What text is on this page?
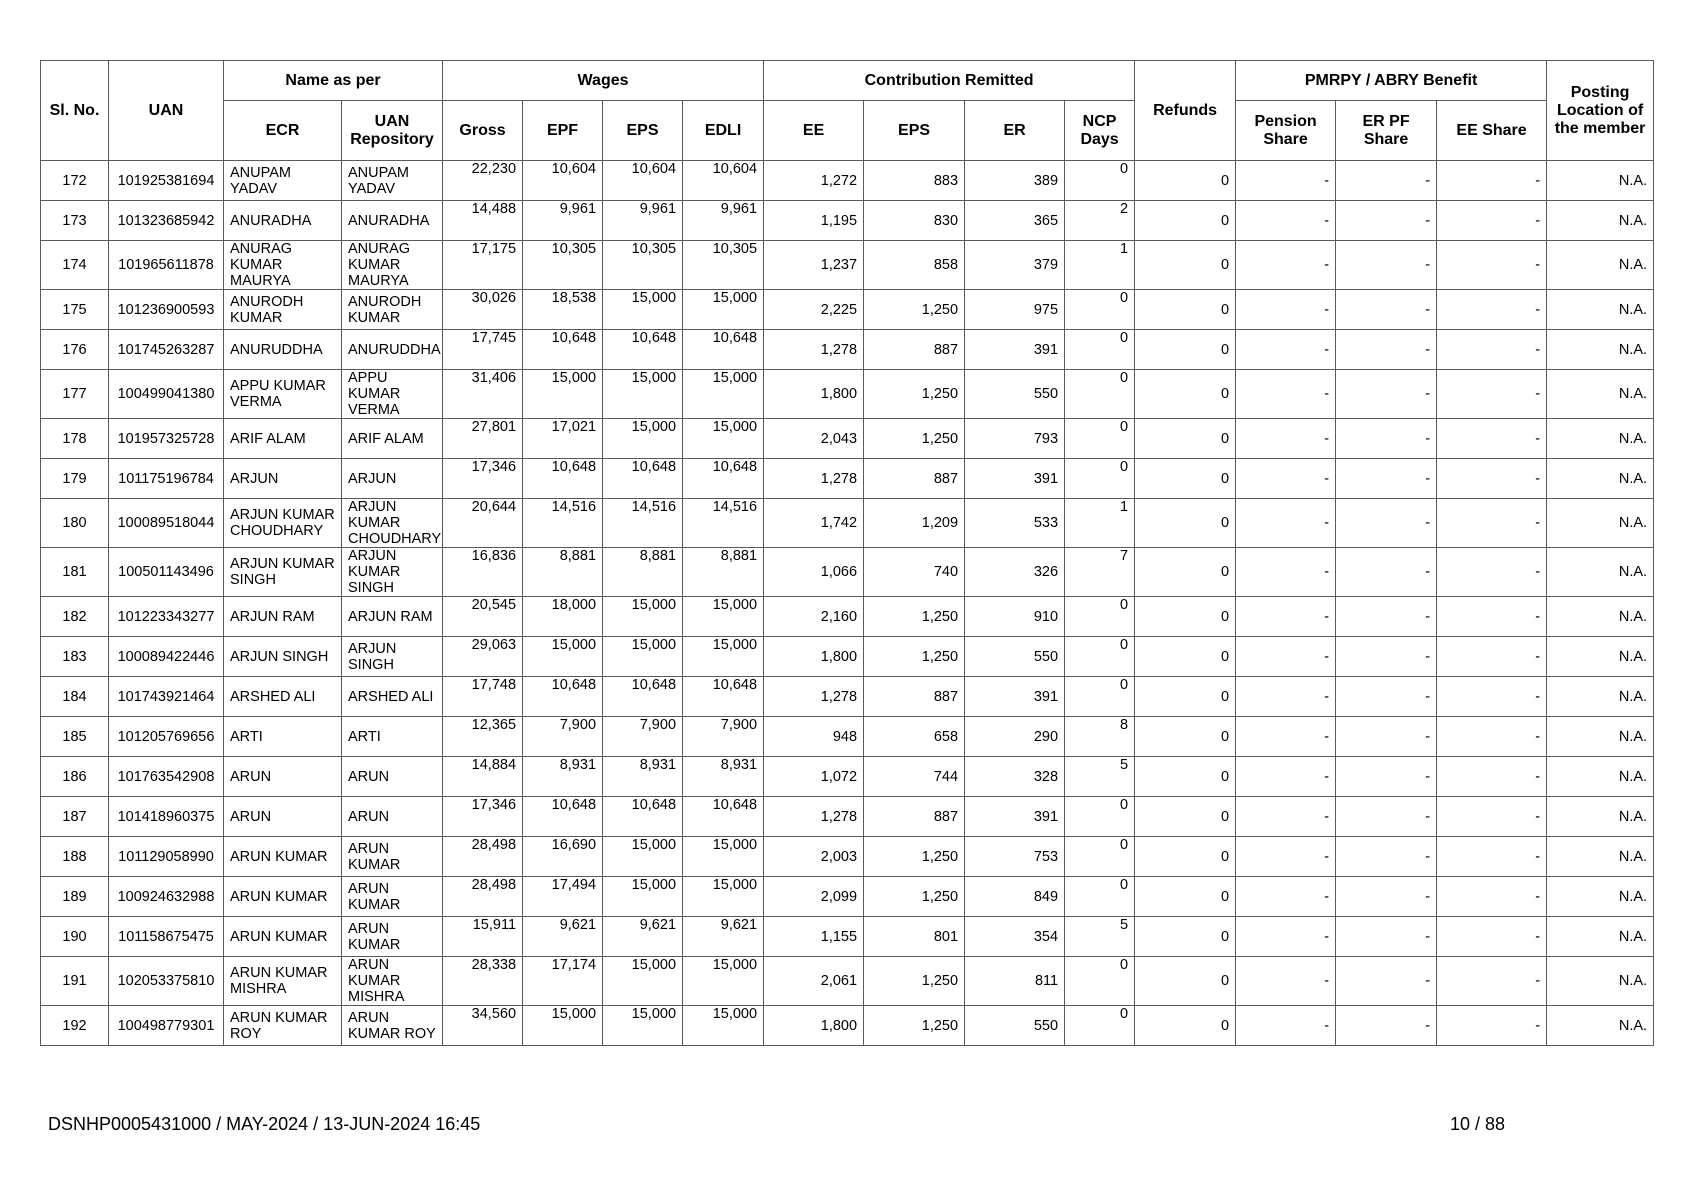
Sl. No.	UAN	Name as per		Wages				Contribution Remitted				Refunds	PMRPY / ABRY Benefit			Posting Location of the member
		ECR	UAN Repository	Gross	EPF	EPS	EDLI	EE	EPS	ER	NCP Days		Pension Share	ER PF Share	EE Share	
172	101925381694	ANUPAM YADAV	ANUPAM YADAV	22,230	10,604	10,604	10,604	1,272	883	389	0	0	-	-	-	N.A.
173	101323685942	ANURADHA	ANURADHA	14,488	9,961	9,961	9,961	1,195	830	365	2	0	-	-	-	N.A.
174	101965611878	ANURAG KUMAR MAURYA	ANURAG KUMAR MAURYA	17,175	10,305	10,305	10,305	1,237	858	379	1	0	-	-	-	N.A.
175	101236900593	ANURODH KUMAR	ANURODH KUMAR	30,026	18,538	15,000	15,000	2,225	1,250	975	0	0	-	-	-	N.A.
176	101745263287	ANURUDDHA	ANURUDDHA	17,745	10,648	10,648	10,648	1,278	887	391	0	0	-	-	-	N.A.
177	100499041380	APPU KUMAR VERMA	APPU KUMAR VERMA	31,406	15,000	15,000	15,000	1,800	1,250	550	0	0	-	-	-	N.A.
178	101957325728	ARIF ALAM	ARIF ALAM	27,801	17,021	15,000	15,000	2,043	1,250	793	0	0	-	-	-	N.A.
179	101175196784	ARJUN	ARJUN	17,346	10,648	10,648	10,648	1,278	887	391	0	0	-	-	-	N.A.
180	100089518044	ARJUN KUMAR CHOUDHARY	ARJUN KUMAR CHOUDHARY	20,644	14,516	14,516	14,516	1,742	1,209	533	1	0	-	-	-	N.A.
181	100501143496	ARJUN KUMAR SINGH	ARJUN KUMAR SINGH	16,836	8,881	8,881	8,881	1,066	740	326	7	0	-	-	-	N.A.
182	101223343277	ARJUN RAM	ARJUN RAM	20,545	18,000	15,000	15,000	2,160	1,250	910	0	0	-	-	-	N.A.
183	100089422446	ARJUN SINGH	ARJUN SINGH	29,063	15,000	15,000	15,000	1,800	1,250	550	0	0	-	-	-	N.A.
184	101743921464	ARSHED ALI	ARSHED ALI	17,748	10,648	10,648	10,648	1,278	887	391	0	0	-	-	-	N.A.
185	101205769656	ARTI	ARTI	12,365	7,900	7,900	7,900	948	658	290	8	0	-	-	-	N.A.
186	101763542908	ARUN	ARUN	14,884	8,931	8,931	8,931	1,072	744	328	5	0	-	-	-	N.A.
187	101418960375	ARUN	ARUN	17,346	10,648	10,648	10,648	1,278	887	391	0	0	-	-	-	N.A.
188	101129058990	ARUN KUMAR	ARUN KUMAR	28,498	16,690	15,000	15,000	2,003	1,250	753	0	0	-	-	-	N.A.
189	100924632988	ARUN KUMAR	ARUN KUMAR	28,498	17,494	15,000	15,000	2,099	1,250	849	0	0	-	-	-	N.A.
190	101158675475	ARUN KUMAR	ARUN KUMAR	15,911	9,621	9,621	9,621	1,155	801	354	5	0	-	-	-	N.A.
191	102053375810	ARUN KUMAR MISHRA	ARUN KUMAR MISHRA	28,338	17,174	15,000	15,000	2,061	1,250	811	0	0	-	-	-	N.A.
192	100498779301	ARUN KUMAR ROY	ARUN KUMAR ROY	34,560	15,000	15,000	15,000	1,800	1,250	550	0	0	-	-	-	N.A.
DSNHP0005431000 / MAY-2024 / 13-JUN-2024 16:45	10 / 88
